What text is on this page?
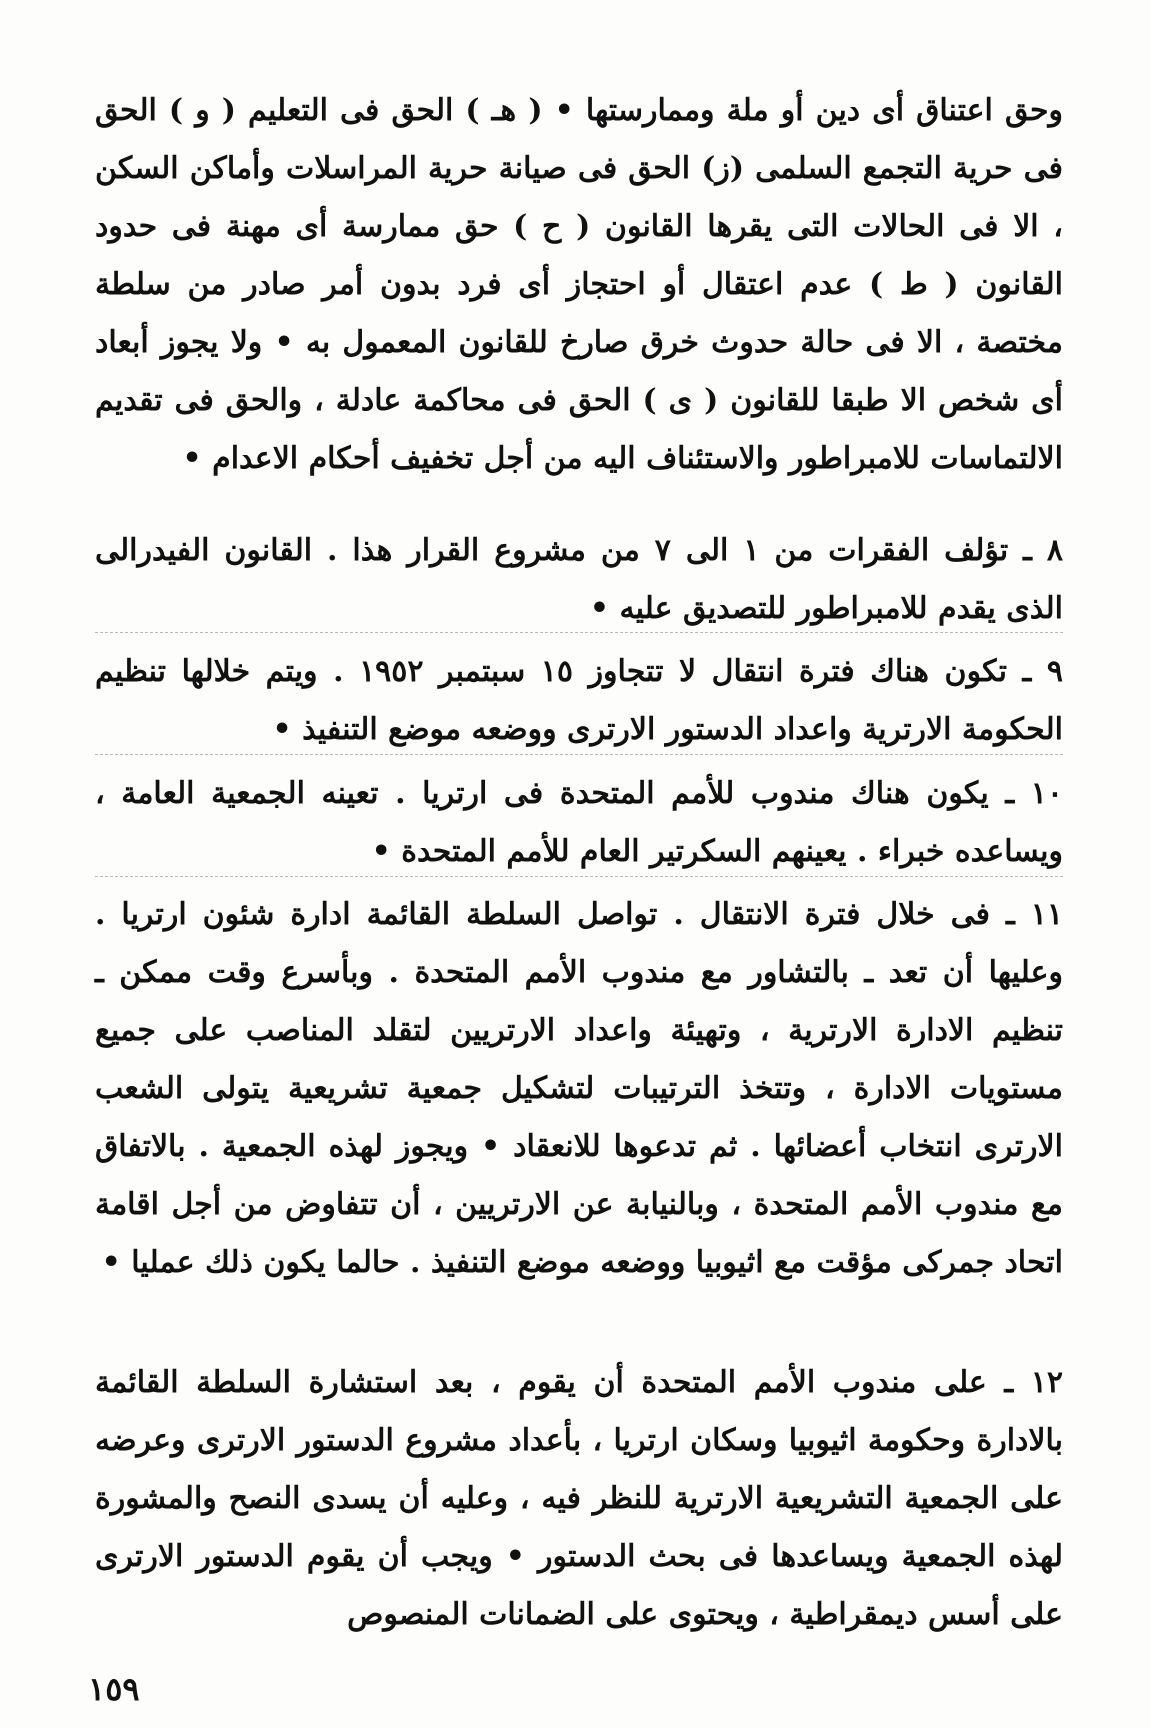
وحق اعتناق أى دين أو ملة وممارستها • ( هـ ) الحق فى التعليم ( و ) الحق فى حرية التجمع السلمى (ز) الحق فى صيانة حرية المراسلات وأماكن السكن ، الا فى الحالات التى يقرها القانون ( ح ) حق ممارسة أى مهنة فى حدود القانون ( ط ) عدم اعتقال أو احتجاز أى فرد بدون أمر صادر من سلطة مختصة ، الا فى حالة حدوث خرق صارخ للقانون المعمول به • ولا يجوز أبعاد أى شخص الا طبقا للقانون ( ى ) الحق فى محاكمة عادلة ، والحق فى تقديم الالتماسات للامبراطور والاستئناف اليه من أجل تخفيف أحكام الاعدام •

٨ ـ تؤلف الفقرات من ١ الى ٧ من مشروع القرار هذا . القانون الفيدرالى الذى يقدم للامبراطور للتصديق عليه •

٩ ـ تكون هناك فترة انتقال لا تتجاوز ١٥ سبتمبر ١٩٥٢ . ويتم خلالها تنظيم الحكومة الارترية واعداد الدستور الارترى ووضعه موضع التنفيذ •

١٠ ـ يكون هناك مندوب للأمم المتحدة فى ارتريا . تعينه الجمعية العامة ، ويساعده خبراء . يعينهم السكرتير العام للأمم المتحدة •

١١ ـ فى خلال فترة الانتقال . تواصل السلطة القائمة ادارة شئون ارتريا . وعليها أن تعد ـ بالتشاور مع مندوب الأمم المتحدة . وبأسرع وقت ممكن ـ تنظيم الادارة الارترية ، وتهيئة واعداد الارتريين لتقلد المناصب على جميع مستويات الادارة ، وتتخذ الترتيبات لتشكيل جمعية تشريعية يتولى الشعب الارترى انتخاب أعضائها . ثم تدعوها للانعقاد • ويجوز لهذه الجمعية . بالاتفاق مع مندوب الأمم المتحدة ، وبالنيابة عن الارتريين ، أن تتفاوض من أجل اقامة اتحاد جمركى مؤقت مع اثيوبيا ووضعه موضع التنفيذ . حالما يكون ذلك عمليا •

١٢ ـ على مندوب الأمم المتحدة أن يقوم ، بعد استشارة السلطة القائمة بالادارة وحكومة اثيوبيا وسكان ارتريا ، بأعداد مشروع الدستور الارترى وعرضه على الجمعية التشريعية الارترية للنظر فيه ، وعليه أن يسدى النصح والمشورة لهذه الجمعية ويساعدها فى بحث الدستور • ويجب أن يقوم الدستور الارترى على أسس ديمقراطية ، ويحتوى على الضمانات المنصوص

١٥٩
